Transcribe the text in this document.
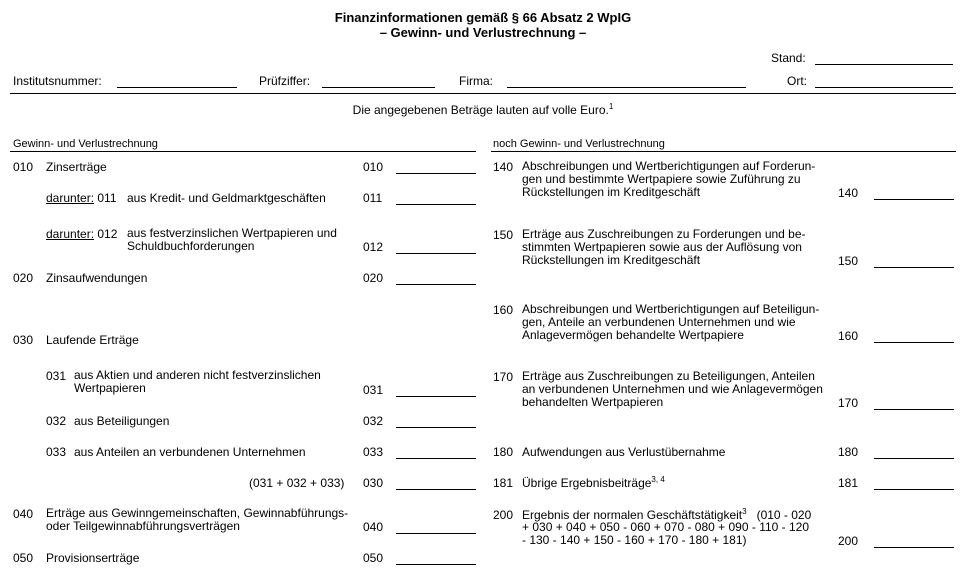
Finanzinformationen gemäß § 66 Absatz 2 WpIG
– Gewinn- und Verlustrechnung –
Stand:
Institutsnummer:	Prüfziffer:	Firma:	Ort:
Die angegebenen Beträge lauten auf volle Euro.$^1$
Gewinn- und Verlustrechnung	noch Gewinn- und Verlustrechnung
010 Zinserträge	010
darunter: 011 aus Kredit- und Geldmarktgeschäften	011
darunter: 012 aus festverzinslichen Wertpapieren und
Schuldbuchforderungen	012
020 Zinsaufwendungen	020
030 Laufende Erträge
031 aus Aktien und anderen nicht festverzinslichen
Wertpapieren	031
032 aus Beteiligungen	032
033 aus Anteilen an verbundenen Unternehmen	033
(031 + 032 + 033) 030
040 Erträge aus Gewinngemeinschaften, Gewinnabführungs-
oder Teilgewinnabführungsverträgen	040
050 Provisionserträge	050
140 Abschreibungen und Wertberichtigungen auf Forderun-
gen und bestimmte Wertpapiere sowie Zuführung zu
Rückstellungen im Kreditgeschäft	140
150 Erträge aus Zuschreibungen zu Forderungen und be-
stimmten Wertpapieren sowie aus der Auflösung von
Rückstellungen im Kreditgeschäft	150
160 Abschreibungen und Wertberichtigungen auf Beteiligun-
gen, Anteile an verbundenen Unternehmen und wie
Anlagevermögen behandelte Wertpapiere	160
170 Erträge aus Zuschreibungen zu Beteiligungen, Anteilen
an verbundenen Unternehmen und wie Anlagevermögen
behandelten Wertpapieren	170
180 Aufwendungen aus Verlustübernahme	180
181 Übrige Ergebnisbeiträge$^{3, 4}$	181
200 Ergebnis der normalen Geschäftstätigkeit$^3$   (010 - 020
+ 030 + 040 + 050 - 060 + 070 - 080 + 090 - 110 - 120
- 130 - 140 + 150 - 160 + 170 - 180 + 181)	200
